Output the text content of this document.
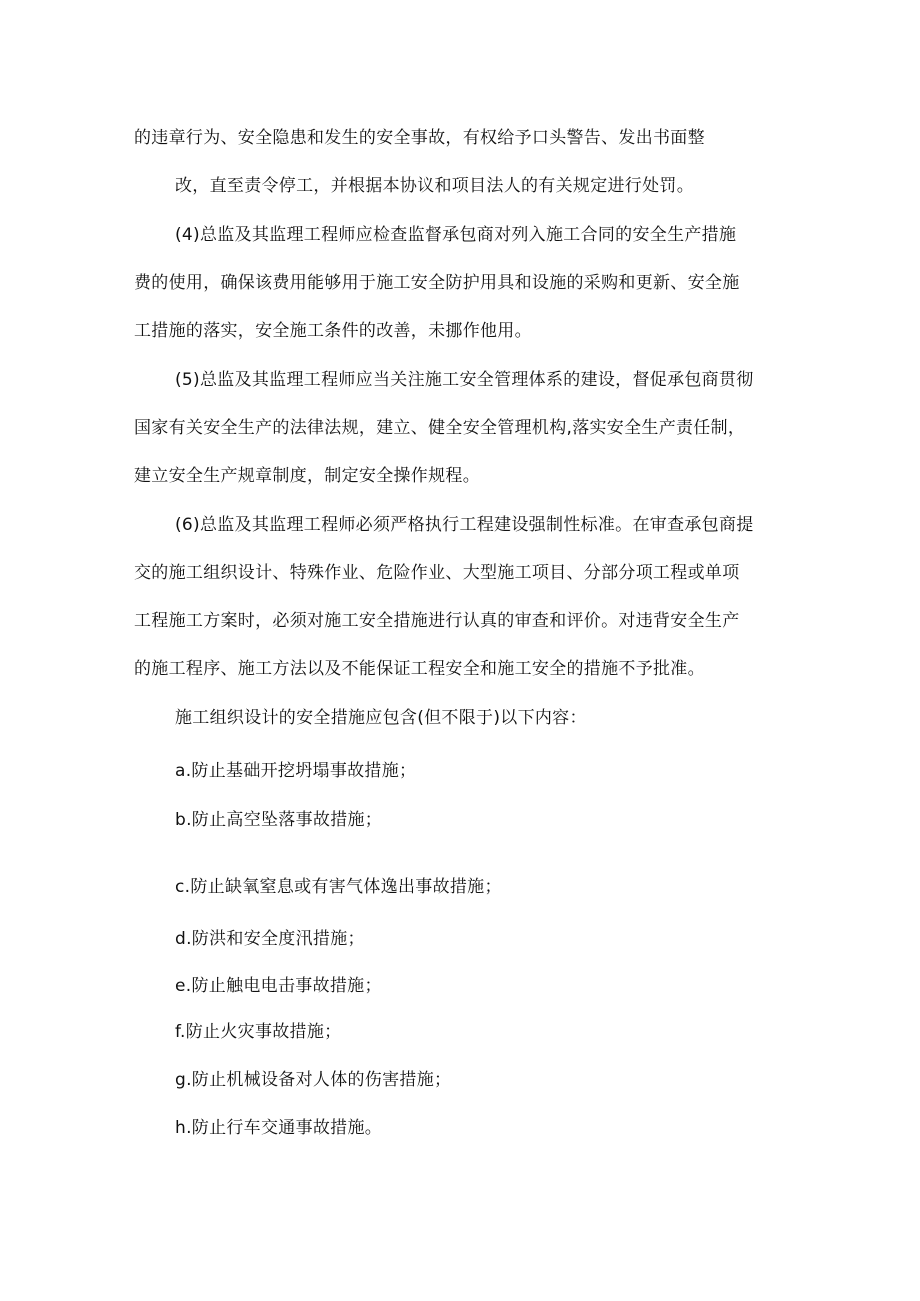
的违章行为、安全隐患和发生的安全事故，有权给予口头警告、发出书面整
改，直至责令停工，并根据本协议和项目法人的有关规定进行处罚。
(4)总监及其监理工程师应检查监督承包商对列入施工合同的安全生产措施
费的使用，确保该费用能够用于施工安全防护用具和设施的采购和更新、安全施
工措施的落实，安全施工条件的改善，未挪作他用。
(5)总监及其监理工程师应当关注施工安全管理体系的建设，督促承包商贯彻
国家有关安全生产的法律法规，建立、健全安全管理机构,落实安全生产责任制，
建立安全生产规章制度，制定安全操作规程。
(6)总监及其监理工程师必须严格执行工程建设强制性标准。在审查承包商提
交的施工组织设计、特殊作业、危险作业、大型施工项目、分部分项工程或单项
工程施工方案时，必须对施工安全措施进行认真的审查和评价。对违背安全生产
的施工程序、施工方法以及不能保证工程安全和施工安全的措施不予批准。
施工组织设计的安全措施应包含(但不限于)以下内容：
a.防止基础开挖坍塌事故措施；
b.防止高空坠落事故措施；
c.防止缺氧窒息或有害气体逸出事故措施；
d.防洪和安全度汛措施；
e.防止触电电击事故措施；
f.防止火灾事故措施；
g.防止机械设备对人体的伤害措施；
h.防止行车交通事故措施。
